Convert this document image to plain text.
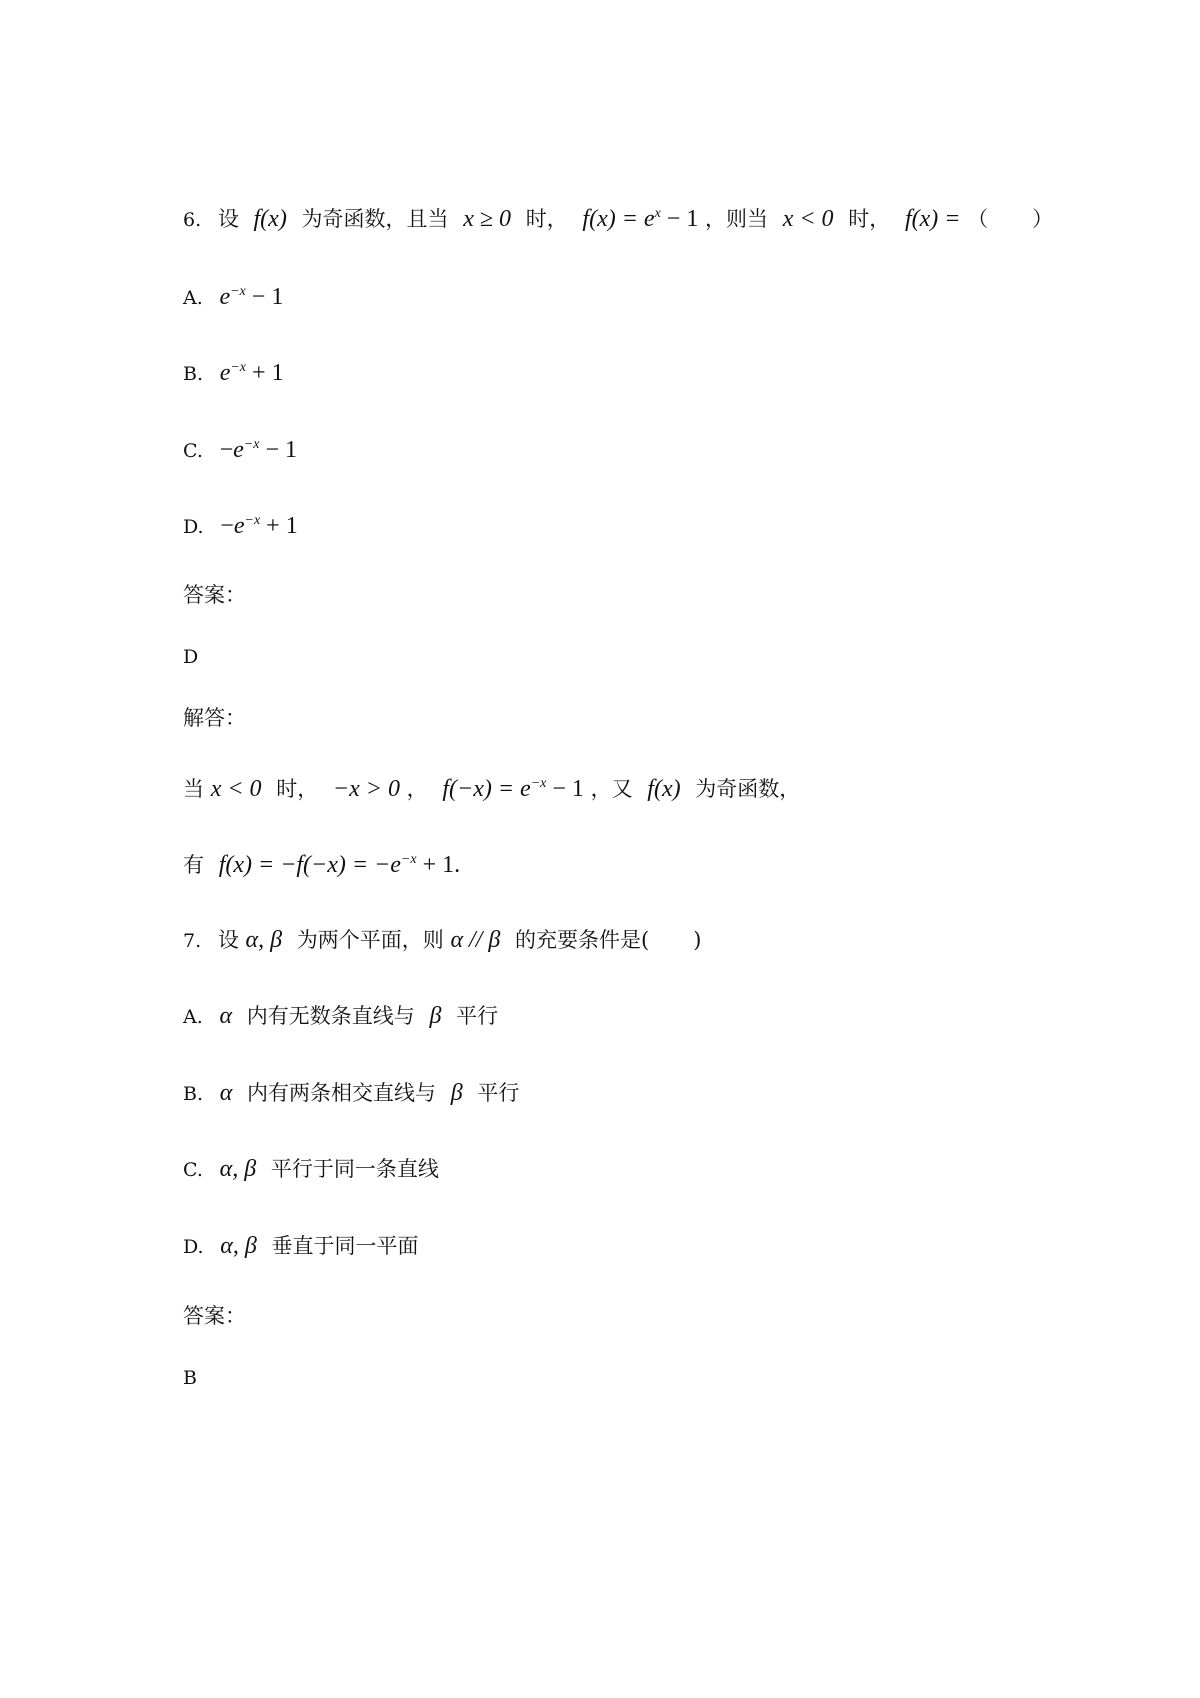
6. 设 f(x) 为奇函数，且当 x ≥ 0 时， $f(x) = e^x - 1$ ，则当 x < 0 时， f(x) = （ ）
A. $e^{-x} - 1$
B. $e^{-x} + 1$
C. $-e^{-x} - 1$
D. $-e^{-x} + 1$
答案：
D
解答：
当 x < 0 时， −x > 0 ， $f(-x) = e^{-x} - 1$ ，又 f(x) 为奇函数，
有 $f(x) = -f(-x) = -e^{-x} + 1$.
7. 设 α, β 为两个平面，则 α // β 的充要条件是( )
A. α 内有无数条直线与 β 平行
B. α 内有两条相交直线与 β 平行
C. α, β 平行于同一条直线
D. α, β 垂直于同一平面
答案：
B
